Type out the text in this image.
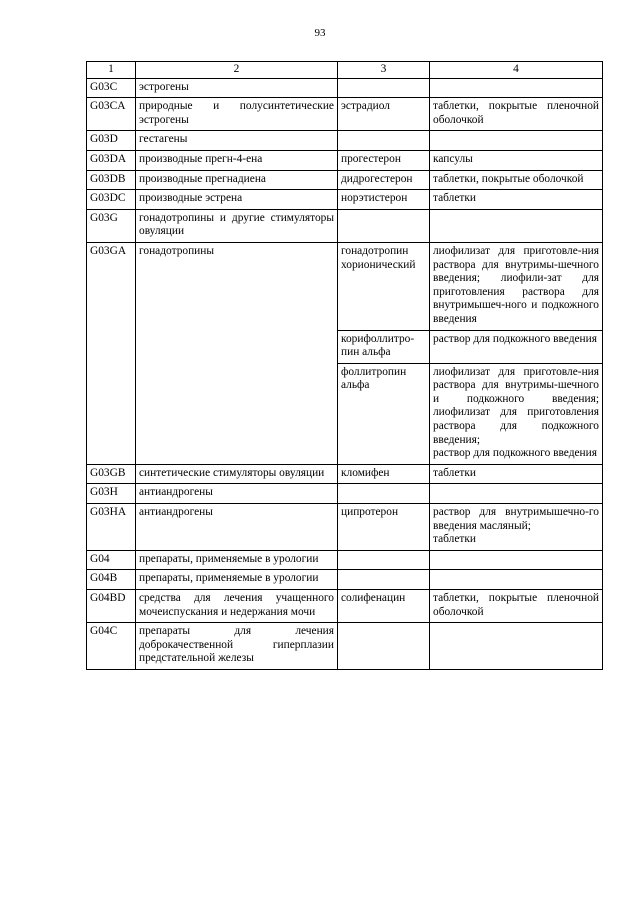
93
1	2	3	4
G03C	эстрогены		
G03CA	природные и полусинтетические эстрогены	эстрадиол	таблетки, покрытые пленочной оболочкой

G03D	гестагены		
G03DA	производные прегн-4-ена	прогестерон	капсулы

G03DB	производные прегнадиена	дидрогестерон	таблетки, покрытые оболочкой

G03DC	производные эстрена	норэтистерон	таблетки

G03G	гонадотропины и другие стимуляторы овуляции		
G03GA	гонадотропины	гонадотропин хорионический	лиофилизат для приготовле-ния раствора для внутримы-шечного введения; лиофили-зат для приготовления раствора для внутримышеч-ного и подкожного введения

		корифоллитро-пин альфа	раствор для подкожного введения

		фоллитропин альфа	лиофилизат для приготовле-ния раствора для внутримы-шечного и подкожного введения; лиофилизат для приготовления раствора для подкожного введения;
раствор для подкожного введения

G03GB	синтетические стимуляторы овуляции	кломифен	таблетки

G03H	антиандрогены		
G03HA	антиандрогены	ципротерон	раствор для внутримышечно-го введения масляный;
таблетки

G04	препараты, применяемые в урологии		
G04B	препараты, применяемые в урологии		
G04BD	средства для лечения учащенного мочеиспускания и недержания мочи	солифенацин	таблетки, покрытые пленочной оболочкой

G04C	препараты для лечения доброкачественной гиперплазии предстательной железы		
